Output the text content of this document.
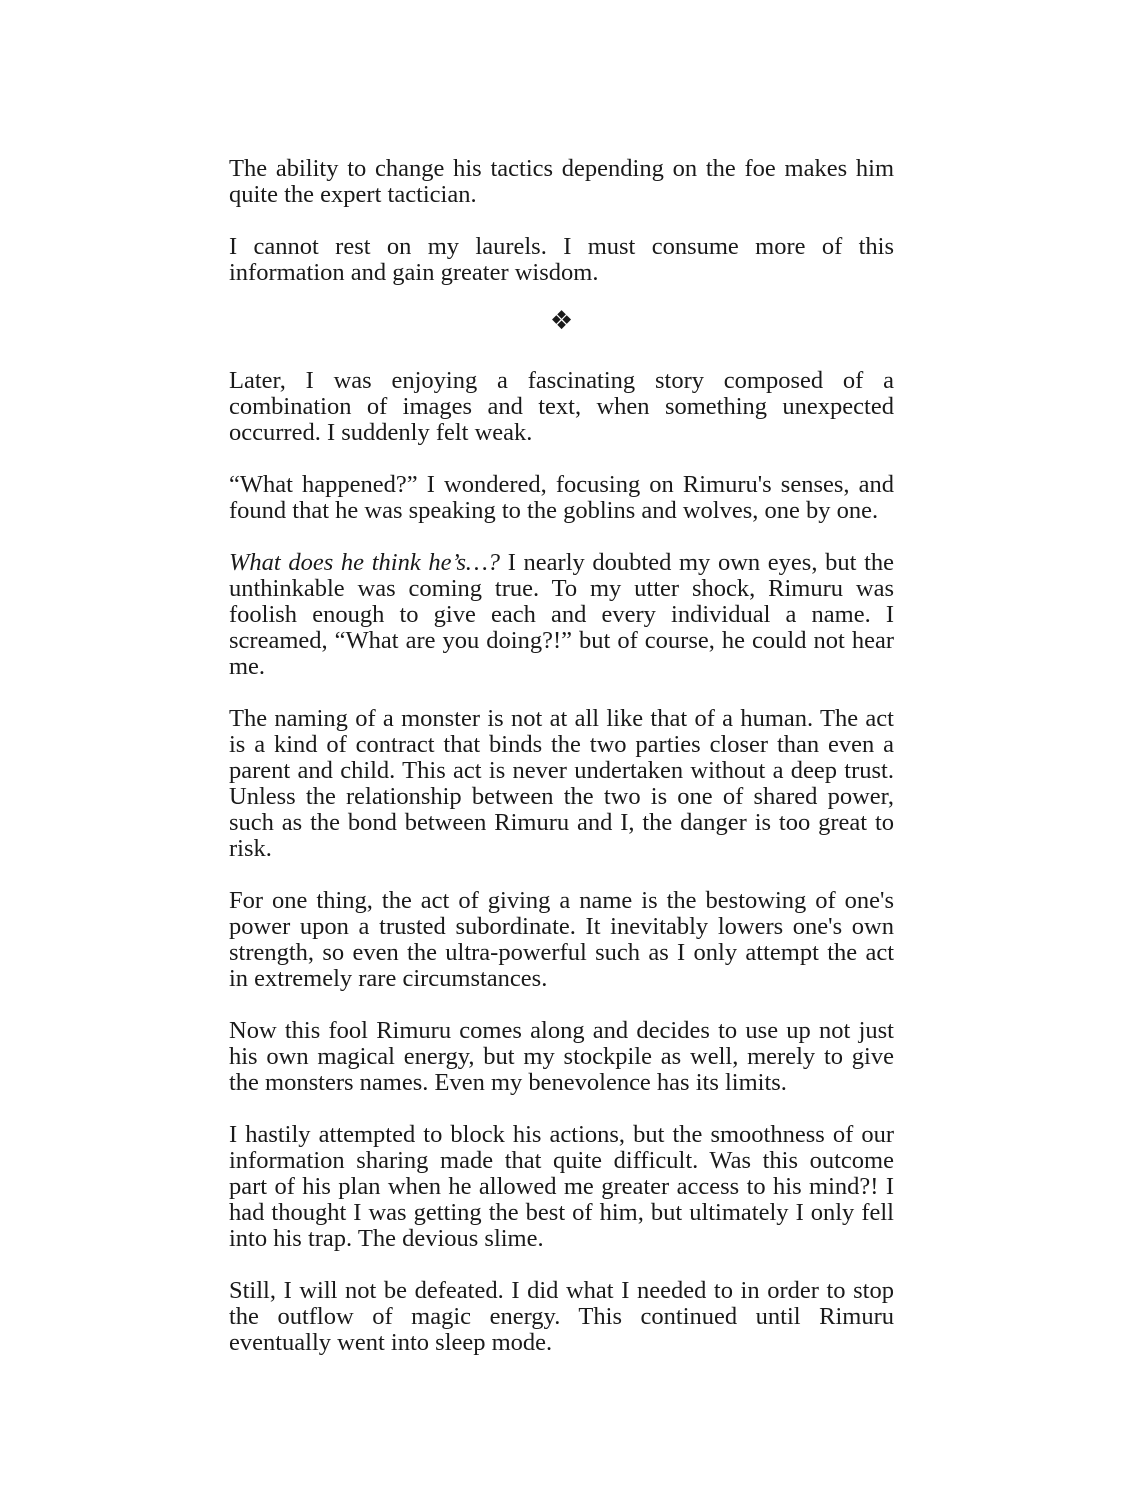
The ability to change his tactics depending on the foe makes him quite the expert tactician.

I cannot rest on my laurels. I must consume more of this information and gain greater wisdom.

❖

Later, I was enjoying a fascinating story composed of a combination of images and text, when something unexpected occurred. I suddenly felt weak.

“What happened?” I wondered, focusing on Rimuru's senses, and found that he was speaking to the goblins and wolves, one by one.

What does he think he’s…? I nearly doubted my own eyes, but the unthinkable was coming true. To my utter shock, Rimuru was foolish enough to give each and every individual a name. I screamed, “What are you doing?!” but of course, he could not hear me.

The naming of a monster is not at all like that of a human. The act is a kind of contract that binds the two parties closer than even a parent and child. This act is never undertaken without a deep trust. Unless the relationship between the two is one of shared power, such as the bond between Rimuru and I, the danger is too great to risk.

For one thing, the act of giving a name is the bestowing of one's power upon a trusted subordinate. It inevitably lowers one's own strength, so even the ultra-powerful such as I only attempt the act in extremely rare circumstances.

Now this fool Rimuru comes along and decides to use up not just his own magical energy, but my stockpile as well, merely to give the monsters names. Even my benevolence has its limits.

I hastily attempted to block his actions, but the smoothness of our information sharing made that quite difficult. Was this outcome part of his plan when he allowed me greater access to his mind?! I had thought I was getting the best of him, but ultimately I only fell into his trap. The devious slime.

Still, I will not be defeated. I did what I needed to in order to stop the outflow of magic energy. This continued until Rimuru eventually went into sleep mode.
